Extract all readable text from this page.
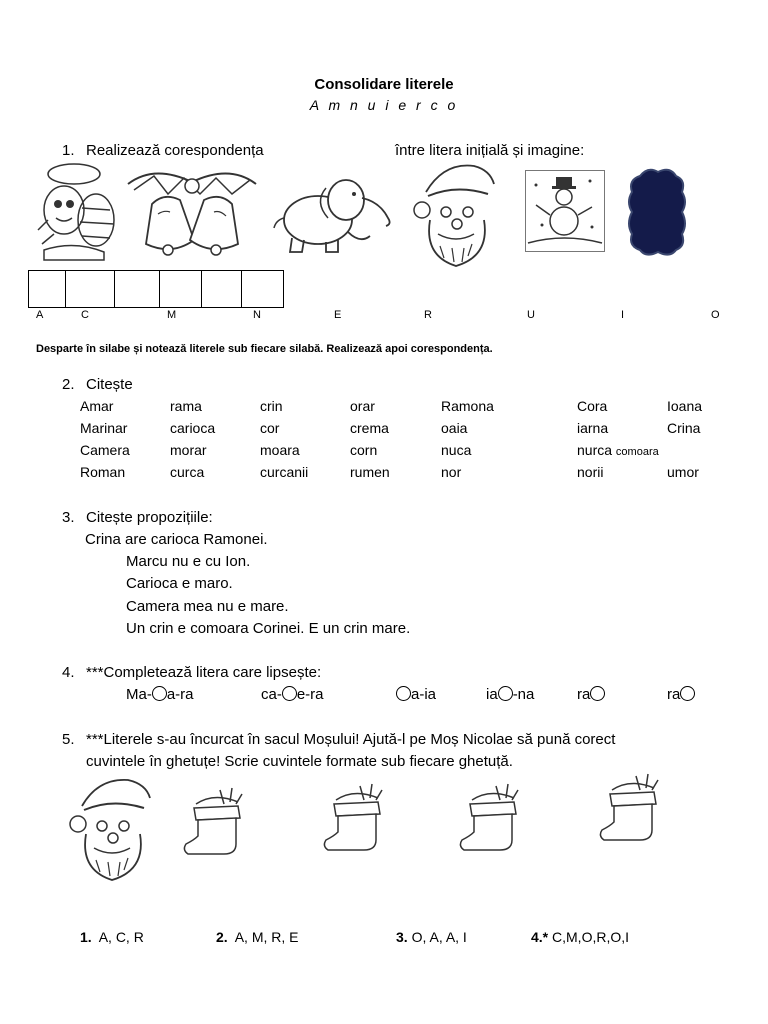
Consolidare literele
A m n u i e r c o
1. Realizează corespondența	între litera inițială și imagine:
A	C	M	N	E	R	U	I	O
Desparte în silabe și notează literele sub fiecare silabă. Realizează apoi corespondența.
2. Citește
Amar	rama	crin	orar	Ramona	Cora	Ioana
Marinar	carioca	cor	crema	oaia	iarna	Crina
Camera	morar	moara	corn	nuca	nurca comoara	
Roman	curca	curcanii	rumen	nor	norii	umor
3. Citește propozițiile:
Crina are carioca Ramonei.
Marcu nu e cu Ion.
Carioca e maro.
Camera mea nu e mare.
Un crin e comoara Corinei. E un crin mare.
4. ***Completează litera care lipsește:
Ma- a-ra	ca- e-ra	a-ia	ia -na	ra	ra
5. ***Literele s-au încurcat în sacul Moșului! Ajută-l pe Moș Nicolae să pună corect
cuvintele în ghetuțe! Scrie cuvintele formate sub fiecare ghetuță.
1. A, C, R	2. A, M, R, E	3. O, A, A, I	4.* C,M,O,R,O,I
